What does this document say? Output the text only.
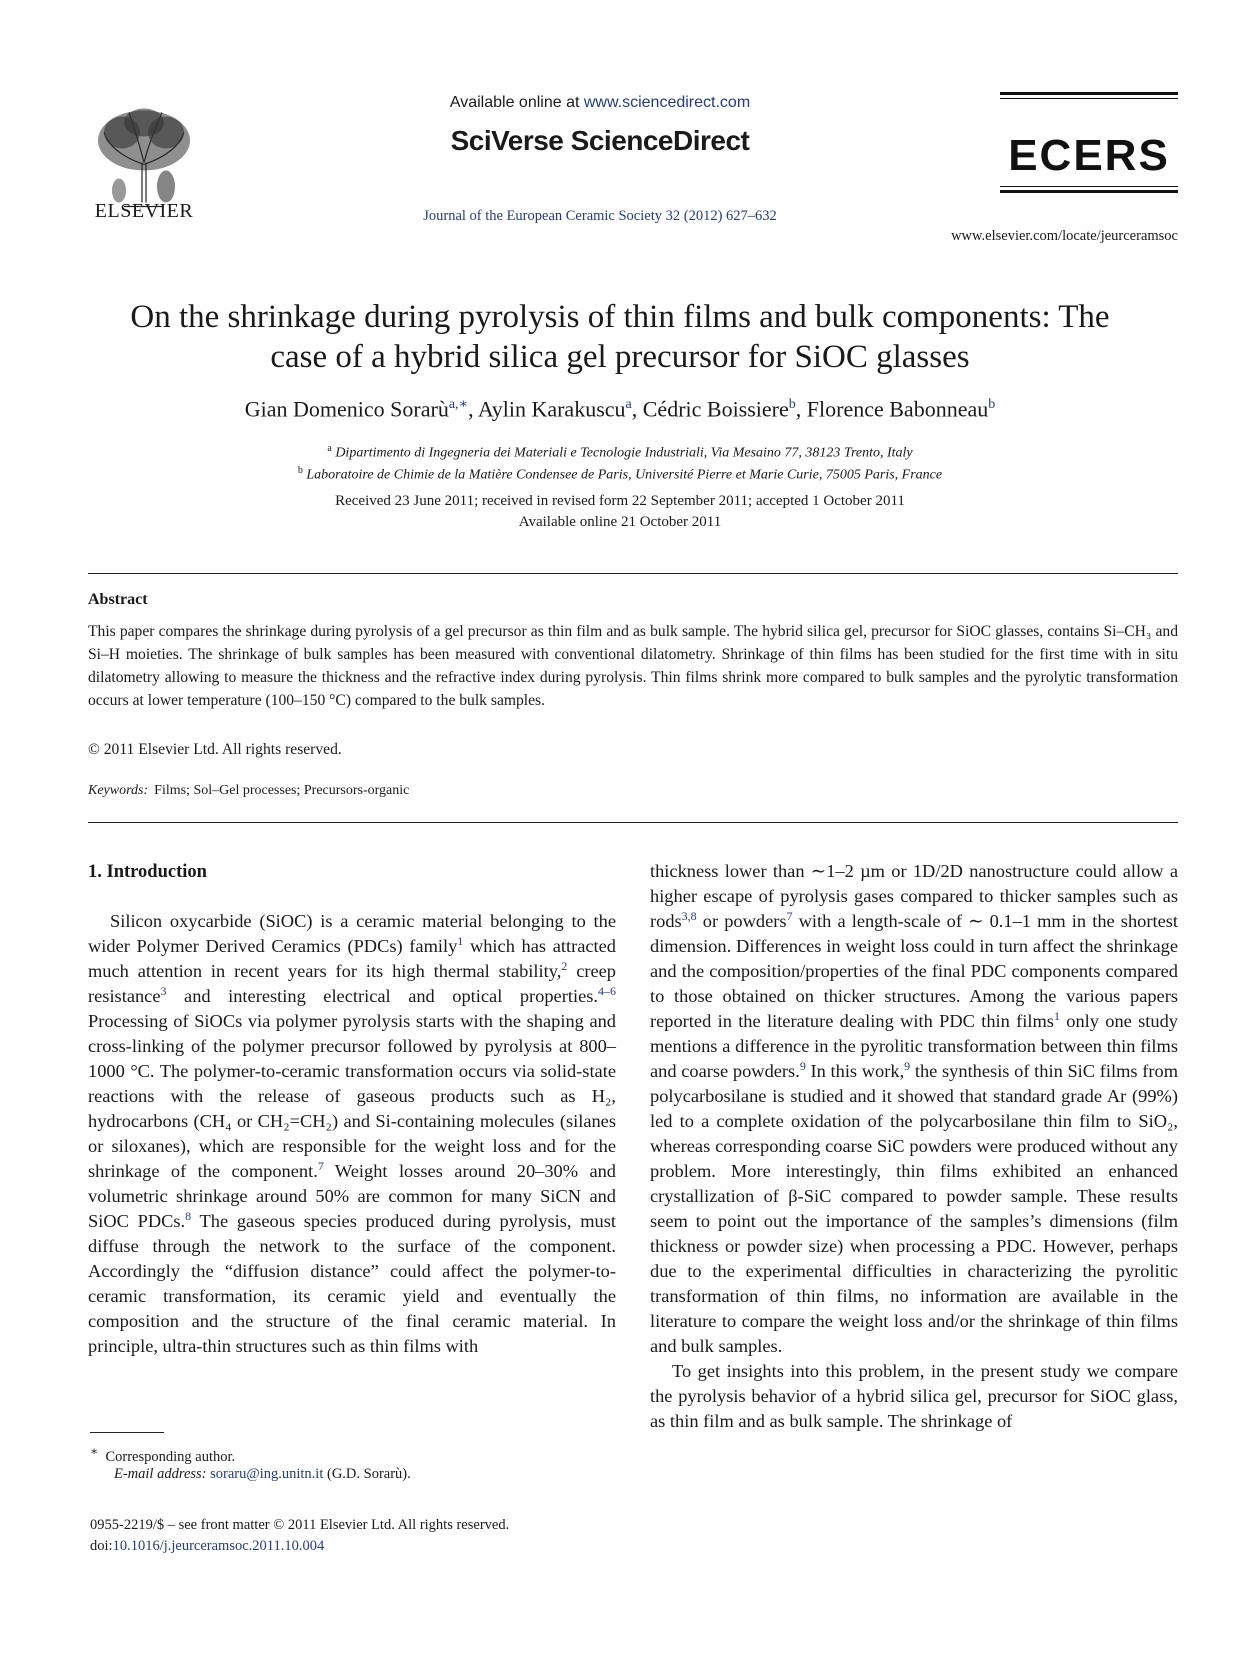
ELSEVIER
Available online at www.sciencedirect.com
SciVerse ScienceDirect
Journal of the European Ceramic Society 32 (2012) 627–632
ECERS
www.elsevier.com/locate/jeurceramsoc
On the shrinkage during pyrolysis of thin films and bulk components: The
case of a hybrid silica gel precursor for SiOC glasses
Gian Domenico Sorarù$^{a,∗}$, Aylin Karakuscu$^a$, Cédric Boissiere$^b$, Florence Babonneau$^b$
$^a$ Dipartimento di Ingegneria dei Materiali e Tecnologie Industriali, Via Mesaino 77, 38123 Trento, Italy
$^b$ Laboratoire de Chimie de la Matière Condensee de Paris, Université Pierre et Marie Curie, 75005 Paris, France
Received 23 June 2011; received in revised form 22 September 2011; accepted 1 October 2011
Available online 21 October 2011
Abstract
This paper compares the shrinkage during pyrolysis of a gel precursor as thin film and as bulk sample. The hybrid silica gel, precursor for SiOC glasses, contains Si–CH₃ and Si–H moieties. The shrinkage of bulk samples has been measured with conventional dilatometry. Shrinkage of thin films has been studied for the first time with in situ dilatometry allowing to measure the thickness and the refractive index during pyrolysis. Thin films shrink more compared to bulk samples and the pyrolytic transformation occurs at lower temperature (100–150 °C) compared to the bulk samples.
© 2011 Elsevier Ltd. All rights reserved.
Keywords: Films; Sol–Gel processes; Precursors-organic
1. Introduction

Silicon oxycarbide (SiOC) is a ceramic material belonging to the wider Polymer Derived Ceramics (PDCs) family$^1$ which has attracted much attention in recent years for its high thermal stability,$^2$ creep resistance$^3$ and interesting electrical and optical properties.$^{4-6}$ Processing of SiOCs via polymer pyrolysis starts with the shaping and cross-linking of the polymer precursor followed by pyrolysis at 800–1000 °C. The polymer-to-ceramic transformation occurs via solid-state reactions with the release of gaseous products such as H₂, hydrocarbons (CH₄ or CH₂=CH₂) and Si-containing molecules (silanes or siloxanes), which are responsible for the weight loss and for the shrinkage of the component.$^7$ Weight losses around 20–30% and volumetric shrinkage around 50% are common for many SiCN and SiOC PDCs.$^8$ The gaseous species produced during pyrolysis, must diffuse through the network to the surface of the component. Accordingly the “diffusion distance” could affect the polymer-to-ceramic transformation, its ceramic yield and eventually the composition and the structure of the final ceramic material. In principle, ultra-thin structures such as thin films with

thickness lower than ∼1–2 µm or 1D/2D nanostructure could allow a higher escape of pyrolysis gases compared to thicker samples such as rods$^{3,8}$ or powders$^7$ with a length-scale of ∼ 0.1–1 mm in the shortest dimension. Differences in weight loss could in turn affect the shrinkage and the composition/properties of the final PDC components compared to those obtained on thicker structures. Among the various papers reported in the literature dealing with PDC thin films$^1$ only one study mentions a difference in the pyrolitic transformation between thin films and coarse powders.$^9$ In this work,$^9$ the synthesis of thin SiC films from polycarbosilane is studied and it showed that standard grade Ar (99%) led to a complete oxidation of the polycarbosilane thin film to SiO₂, whereas corresponding coarse SiC powders were produced without any problem. More interestingly, thin films exhibited an enhanced crystallization of β-SiC compared to powder sample. These results seem to point out the importance of the samples’s dimensions (film thickness or powder size) when processing a PDC. However, perhaps due to the experimental difficulties in characterizing the pyrolitic transformation of thin films, no information are available in the literature to compare the weight loss and/or the shrinkage of thin films and bulk samples.

To get insights into this problem, in the present study we compare the pyrolysis behavior of a hybrid silica gel, precursor for SiOC glass, as thin film and as bulk sample. The shrinkage of

∗ Corresponding author.
E-mail address: soraru@ing.unitn.it (G.D. Sorarù).
0955-2219/$ – see front matter © 2011 Elsevier Ltd. All rights reserved.
doi:10.1016/j.jeurceramsoc.2011.10.004
